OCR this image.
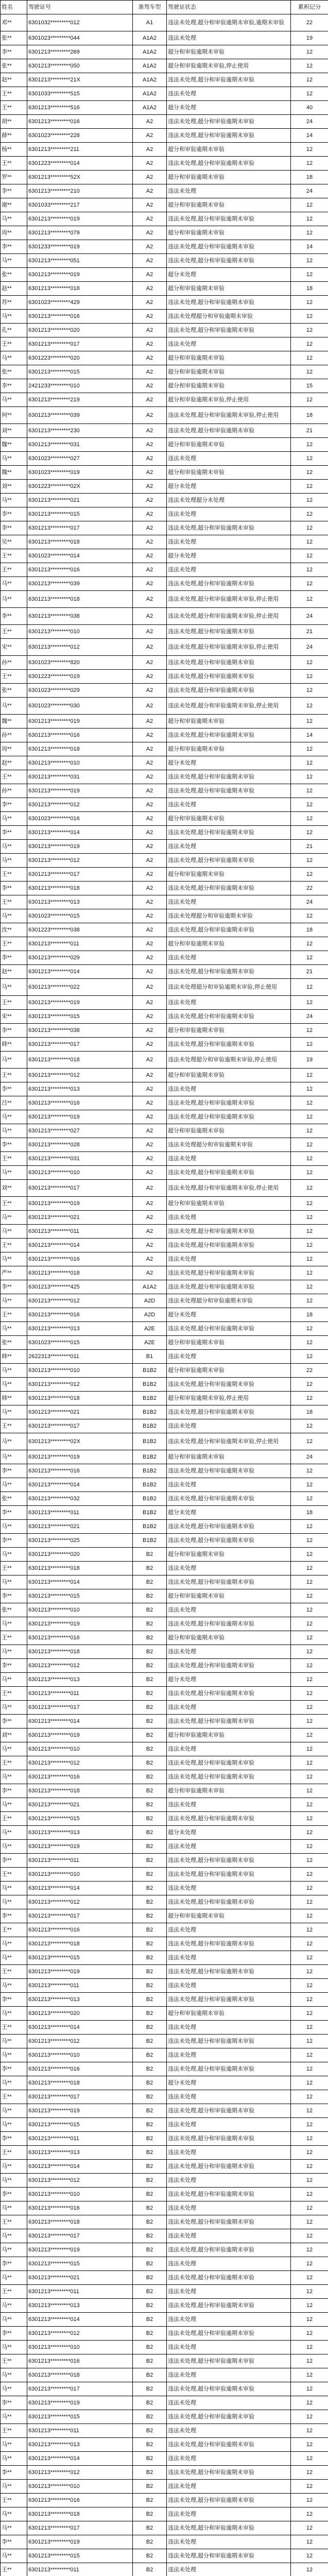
姓名	驾驶证号	准驾车型	驾驶证状态	累积记分
邓**	6301032*********012	A1	违法未处理,超分和审验逾期未审验,逾期未审验	22
张**	6301023*********044	A1A2	违法未处理	19
李**	6301213*********269	A1A2	超分和审验逾期未审验	12
张**	6301213*********050	A1A2	超分和审验逾期未审验,停止使用	12
赵**	6301213*********21X	A1A2	违法未处理,超分和审验逾期未审验	12
王**	6301033*********515	A1A2	违法未处理	12
王**	6301213*********516	A1A2	超分未处理	40
胡**	6301213*********016	A2	违法未处理,超分和审验逾期未审验	24
薛**	6301023*********228	A2	违法未处理,超分和审验逾期未审验	14
杨**	6301213*********211	A2	超分和审验逾期未审验	12
王**	6301223*********014	A2	违法未处理,超分和审验逾期未审验	12
罗**	6301213*********52X	A2	超分和审验逾期未审验	18
李**	6301213*********210	A2	违法未处理	24
谢**	6301033*********217	A2	超分和审验逾期未审验	12
马**	6301213*********019	A2	违法未处理,超分和审验逾期未审验	12
周**	6301213*********079	A2	超分和审验逾期未审验	12
李**	6301233*********019	A2	违法未处理,超分和审验逾期未审验	14
马**	6301213*********051	A2	违法未处理,超分和审验逾期未审验	12
张**	6301213*********019	A2	超分未处理	12
赵**	6301213*********018	A2	超分和审验逾期未审验	18
苏**	6301023*********429	A2	违法未处理,超分和审验逾期未审验	12
马**	6301213*********016	A2	违法未处理超分和审验逾期未审验	12
孔**	6301213*********020	A2	违法未处理,超分和审验逾期未审验	12
王**	6301213*********017	A2	违法未处理	12
马**	6301223*********020	A2	超分和审验逾期未审验	12
张**	6301213*********015	A2	超分和审验逾期未审验	12
李**	2421233*********010	A2	超分和审验逾期未审验	15
马**	6301213*********219	A2	超分和审验逾期未审验,停止使用	12
何**	6301213*********039	A2	违法未处理,超分和审验逾期未审验,停止使用	18
刘**	6301213*********230	A2	违法未处理,超分和审验逾期未审验	21
魏**	6301213*********031	A2	超分和审验逾期未审验	12
马**	6301023*********027	A2	违法未处理	12
魏**	6301023*********019	A2	超分和审验逾期未审验	12
刘**	6301223*********02X	A2	超分未处理	12
马**	6301213*********021	A2	违法未处理超分未处理	12
李**	6301213*********015	A2	违法未处理	12
李**	6301213*********017	A2	违法未处理,超分和审验逾期未审验	12
吴**	6301213*********018	A2	违法未处理	12
王**	6301023*********014	A2	超分未处理	12
王**	6301213*********016	A2	违法未处理	12
马**	6301213*********039	A2	违法未处理,超分和审验逾期未审验	12
马**	6301213*********018	A2	违法未处理,超分和审验逾期未审验,停止使用	12
李**	6301213*********038	A2	违法未处理,超分和审验逾期未审验,停止使用	24
王**	6301213*********010	A2	违法未处理,超分和审验逾期未审验	21
宋**	6301213*********012	A2	违法未处理,超分和审验逾期未审验,停止使用	24
孙**	6301023*********820	A2	违法未处理,超分和审验逾期未审验	12
王**	6301223*********019	A2	违法未处理,超分和审验逾期未审验	12
张**	6301023*********029	A2	违法未处理,超分和审验逾期未审验	12
马**	6301023*********030	A2	违法未处理,超分和审验逾期未审验,停止使用	12
魏**	6301213*********019	A2	超分和审验逾期未审验	12
孙**	6301213*********016	A2	违法未处理,超分和审验逾期未审验	14
周**	6301213*********018	A2	超分和审验逾期未审验	12
赵**	6301213*********010	A2	超分未处理	12
王**	6301213*********031	A2	违法未处理,超分和审验逾期未审验	12
孙**	6301213*********019	A2	违法未处理,超分和审验逾期未审验	12
李**	6301213*********012	A2	违法未处理	12
马**	6301023*********016	A2	超分和审验逾期未审验	12
李**	6301213*********014	A2	违法未处理,超分和审验逾期未审验	12
马**	6301213*********019	A2	违法未处理	21
马**	6301213*********012	A2	违法未处理,超分和审验逾期未审验	12
王**	6301213*********017	A2	超分和审验逾期未审验	12
李**	6301213*********018	A2	违法未处理,超分和审验逾期未审验	22
王**	6301213*********013	A2	违法未处理	24
马**	6301023*********015	A2	违法未处理超分和审验逾期未审验	12
沈**	6301223*********038	A2	违法未处理,超分和审验逾期未审验	18
王**	6301213*********011	A2	超分和审验逾期未审验	12
李**	6301213*********029	A2	违法未处理	12
赵**	6301213*********014	A2	违法未处理,超分和审验逾期未审验	21
马**	6301213*********022	A2	违法未处理超分和审验逾期未审验,停止使用	12
王**	6301213*********019	A2	违法未处理	12
宋**	6301213*********015	A2	违法未处理,超分和审验逾期未审验	24
李**	6301213*********038	A2	超分和审验逾期未审验	12
韩**	6301213*********017	A2	违法未处理,超分和审验逾期未审验	12
马**	6301213*********018	A2	违法未处理超分和审验逾期未审验,停止使用	19
王**	6301213*********012	A2	超分和审验逾期未审验	12
李**	6301213*********013	A2	违法未处理	12
吕**	6301213*********016	A2	违法未处理,超分和审验逾期未审验	12
马**	6301213*********019	A2	违法未处理,超分和审验逾期未审验	12
马**	6301213*********027	A2	超分和审验逾期未审验	12
李**	6301213*********028	A2	违法未处理超分和审验逾期未审验	12
王**	6301213*********031	A2	违法未处理	12
马**	6301213*********010	A2	违法未处理,超分和审验逾期未审验	12
刘**	6301213*********017	A2	违法未处理,超分和审验逾期未审验,停止使用	12
王**	6301213*********019	A2	超分和审验逾期未审验	12
马**	6301213*********021	A2	违法未处理	12
马**	6301213*********011	A2	违法未处理,超分和审验逾期未审验	12
王**	6301213*********014	A2	违法未处理,超分和审验逾期未审验	12
马**	6301213*********016	A2	违法未处理	12
严**	6301213*********018	A2	违法未处理,超分和审验逾期未审验	12
李**	6301213*********425	A1A2	违法未处理,超分和审验逾期未审验	12
马**	6301213*********012	A2D	违法未处理超分和审验逾期未审验	12
王**	6301213*********016	A2D	超分未处理	18
马**	6301213*********013	A2E	违法未处理,超分和审验逾期未审验	12
张**	6301023*********015	A2E	超分和审验逾期未审验	12
韩**	2622313*********011	B1	违法未处理	12
马**	6301213*********010	B1B2	超分和审验逾期未审验	22
马**	6301213*********012	B1B2	违法未处理,超分和审验逾期未审验	12
韩**	6301213*********018	B1B2	超分和审验逾期未审验,停止使用	12
马**	6301213*********021	B1B2	违法未处理,超分和审验逾期未审验	18
王**	6301213*********017	B1B2	违法未处理	12
马**	6301213*********02X	B1B2	违法未处理,超分和审验逾期未审验,停止使用	12
马**	6301213*********019	B1B2	超分和审验逾期未审验	24
李**	6301213*********016	B1B2	违法未处理,超分和审验逾期未审验	12
马**	6301213*********014	B1B2	违法未处理	12
张**	6301213*********032	B1B2	违法未处理,超分和审验逾期未审验	12
李**	6301213*********011	B1B2	超分未处理	18
马**	6301213*********021	B1B2	违法未处理,超分和审验逾期未审验	12
李**	6301213*********025	B1B2	违法未处理,超分和审验逾期未审验	12
马**	6301213*********020	B2	超分和审验逾期未审验	12
王**	6301213*********018	B2	违法未处理	12
马**	6301213*********014	B2	违法未处理,超分和审验逾期未审验	12
李**	6301213*********015	B2	超分和审验逾期未审验	12
张**	6301213*********010	B2	违法未处理	12
马**	6301213*********019	B2	违法未处理,超分和审验逾期未审验	12
王**	6301213*********016	B2	超分和审验逾期未审验	12
马**	6301213*********018	B2	违法未处理	12
李**	6301213*********012	B2	违法未处理,超分和审验逾期未审验	12
马**	6301213*********013	B2	超分未处理	12
王**	6301213*********011	B2	违法未处理,超分和审验逾期未审验	12
马**	6301213*********017	B2	违法未处理	12
李**	6301213*********014	B2	违法未处理,超分和审验逾期未审验	12
刘**	6301213*********019	B2	超分和审验逾期未审验	12
马**	6301213*********010	B2	违法未处理	12
王**	6301213*********012	B2	违法未处理,超分和审验逾期未审验	12
马**	6301213*********016	B2	违法未处理,超分和审验逾期未审验	12
李**	6301213*********018	B2	超分和审验逾期未审验	12
马**	6301213*********021	B2	违法未处理	12
王**	6301213*********015	B2	违法未处理,超分和审验逾期未审验	12
马**	6301213*********013	B2	超分未处理	12
马**	6301213*********019	B2	违法未处理	12
李**	6301213*********011	B2	违法未处理,超分和审验逾期未审验	12
王**	6301213*********010	B2	违法未处理,超分和审验逾期未审验	12
马**	6301213*********014	B2	违法未处理	12
马**	6301213*********012	B2	违法未处理,超分和审验逾期未审验	12
李**	6301213*********017	B2	超分和审验逾期未审验	12
王**	6301213*********016	B2	违法未处理	12
马**	6301213*********018	B2	违法未处理,超分和审验逾期未审验	12
马**	6301213*********015	B2	违法未处理	12
王**	6301213*********019	B2	违法未处理,超分和审验逾期未审验	12
马**	6301213*********011	B2	违法未处理	12
李**	6301213*********013	B2	违法未处理,超分和审验逾期未审验	12
马**	6301213*********020	B2	超分和审验逾期未审验	12
王**	6301213*********014	B2	违法未处理	12
马**	6301213*********012	B2	违法未处理,超分和审验逾期未审验	12
马**	6301213*********010	B2	违法未处理	12
李**	6301213*********016	B2	违法未处理,超分和审验逾期未审验	12
马**	6301213*********018	B2	超分未处理	12
王**	6301213*********017	B2	违法未处理	12
马**	6301213*********019	B2	违法未处理,超分和审验逾期未审验	12
马**	6301213*********015	B2	违法未处理	12
李**	6301213*********011	B2	违法未处理,超分和审验逾期未审验	12
王**	6301213*********013	B2	违法未处理	12
马**	6301213*********014	B2	违法未处理,超分和审验逾期未审验	12
马**	6301213*********012	B2	违法未处理	12
李**	6301213*********010	B2	违法未处理,超分和审验逾期未审验	12
马**	6301213*********016	B2	违法未处理	12
王**	6301213*********018	B2	违法未处理,超分和审验逾期未审验	12
马**	6301213*********017	B2	违法未处理	12
马**	6301213*********019	B2	违法未处理,超分和审验逾期未审验	12
李**	6301213*********015	B2	违法未处理	12
马**	6301213*********021	B2	违法未处理,超分和审验逾期未审验	12
王**	6301213*********011	B2	违法未处理	12
马**	6301213*********013	B2	违法未处理,超分和审验逾期未审验	12
马**	6301213*********014	B2	违法未处理	12
李**	6301213*********012	B2	违法未处理,超分和审验逾期未审验	12
马**	6301213*********010	B2	违法未处理	12
王**	6301213*********016	B2	违法未处理,超分和审验逾期未审验	12
马**	6301213*********018	B2	违法未处理	12
马**	6301213*********017	B2	违法未处理,超分和审验逾期未审验	12
李**	6301213*********019	B2	违法未处理	12
马**	6301213*********015	B2	违法未处理,超分和审验逾期未审验	12
王**	6301213*********011	B2	违法未处理	12
马**	6301213*********013	B2	违法未处理,超分和审验逾期未审验	12
马**	6301213*********014	B2	违法未处理	12
李**	6301213*********012	B2	违法未处理,超分和审验逾期未审验	12
马**	6301213*********010	B2	违法未处理	12
王**	6301213*********016	B2	违法未处理,超分和审验逾期未审验	12
马**	6301213*********018	B2	违法未处理	12
马**	6301213*********017	B2	违法未处理,超分和审验逾期未审验	12
李**	6301213*********019	B2	违法未处理	12
马**	6301213*********015	B2	违法未处理,超分和审验逾期未审验	12
王**	6301213*********011	B2	违法未处理	12
